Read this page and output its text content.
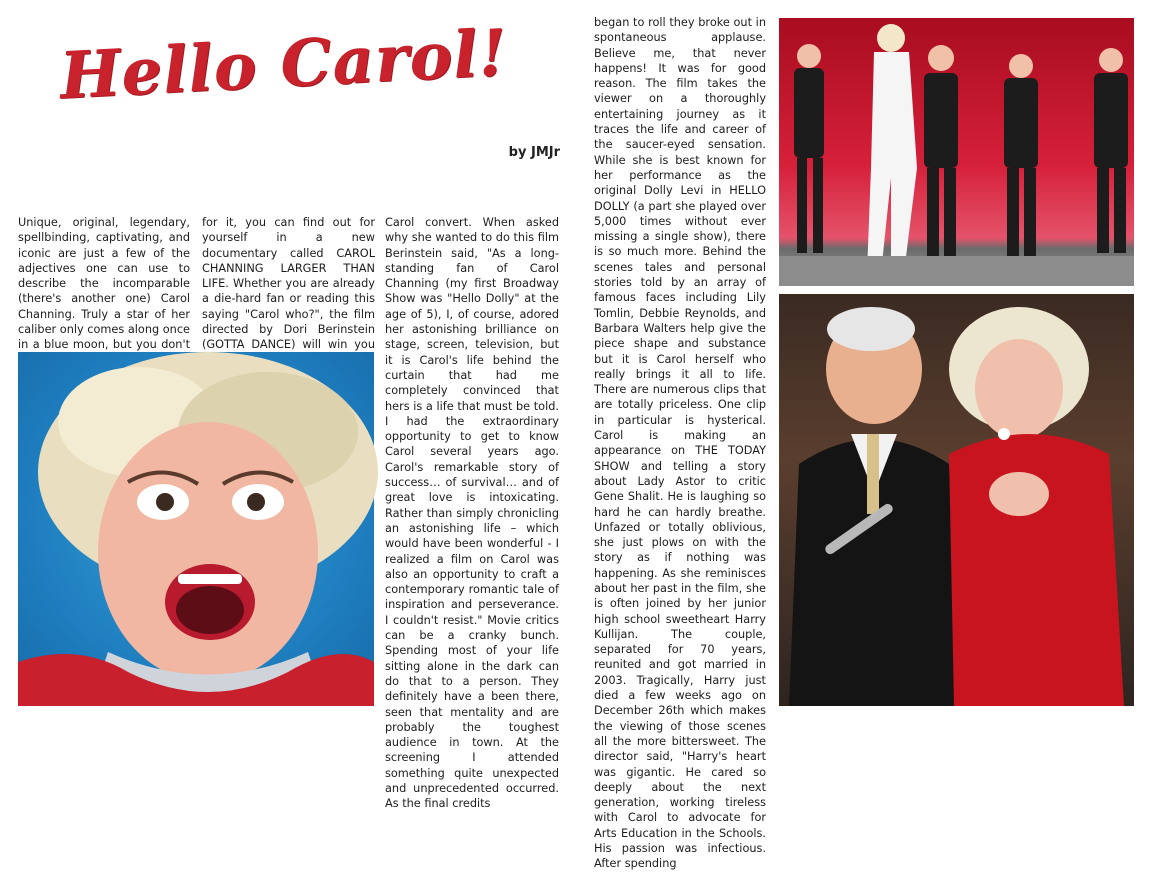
Hello Carol!
by JMJr

Unique, original, legendary, spellbinding, captivating, and iconic are just a few of the adjectives one can use to describe the incomparable (there's another one) Carol Channing. Truly a star of her caliber only comes along once in a blue moon, but you don't

for it, you can find out for yourself in a new documentary called CAROL CHANNING LARGER THAN LIFE. Whether you are already a die-hard fan or reading this saying "Carol who?", the film directed by Dori Berinstein (GOTTA DANCE) will win you

Carol convert. When asked why she wanted to do this film Berinstein said, "As a long-standing fan of Carol Channing (my first Broadway Show was "Hello Dolly" at the age of 5), I, of course, adored her astonishing brilliance on stage, screen, television, but it is Carol's life behind the curtain that had me completely convinced that hers is a life that must be told. I had the extraordinary opportunity to get to know Carol several years ago. Carol's remarkable story of success… of survival… and of great love is intoxicating. Rather than simply chronicling an astonishing life – which would have been wonderful - I realized a film on Carol was also an opportunity to craft a contemporary romantic tale of inspiration and perseverance. I couldn't resist." Movie critics can be a cranky bunch. Spending most of your life sitting alone in the dark can do that to a person. They definitely have a been there, seen that mentality and are probably the toughest audience in town. At the screening I attended something quite unexpected and unprecedented occurred. As the final credits

began to roll they broke out in spontaneous applause. Believe me, that never happens! It was for good reason. The film takes the viewer on a thoroughly entertaining journey as it traces the life and career of the saucer-eyed sensation. While she is best known for her performance as the original Dolly Levi in HELLO DOLLY (a part she played over 5,000 times without ever missing a single show), there is so much more. Behind the scenes tales and personal stories told by an array of famous faces including Lily Tomlin, Debbie Reynolds, and Barbara Walters help give the piece shape and substance but it is Carol herself who really brings it all to life. There are numerous clips that are totally priceless. One clip in particular is hysterical. Carol is making an appearance on THE TODAY SHOW and telling a story about Lady Astor to critic Gene Shalit. He is laughing so hard he can hardly breathe. Unfazed or totally oblivious, she just plows on with the story as if nothing was happening. As she reminisces about her past in the film, she is often joined by her junior high school sweetheart Harry Kullijan. The couple, separated for 70 years, reunited and got married in 2003. Tragically, Harry just died a few weeks ago on December 26th which makes the viewing of those scenes all the more bittersweet. The director said, "Harry's heart was gigantic. He cared so deeply about the next generation, working tireless with Carol to advocate for Arts Education in the Schools. His passion was infectious. After spending
